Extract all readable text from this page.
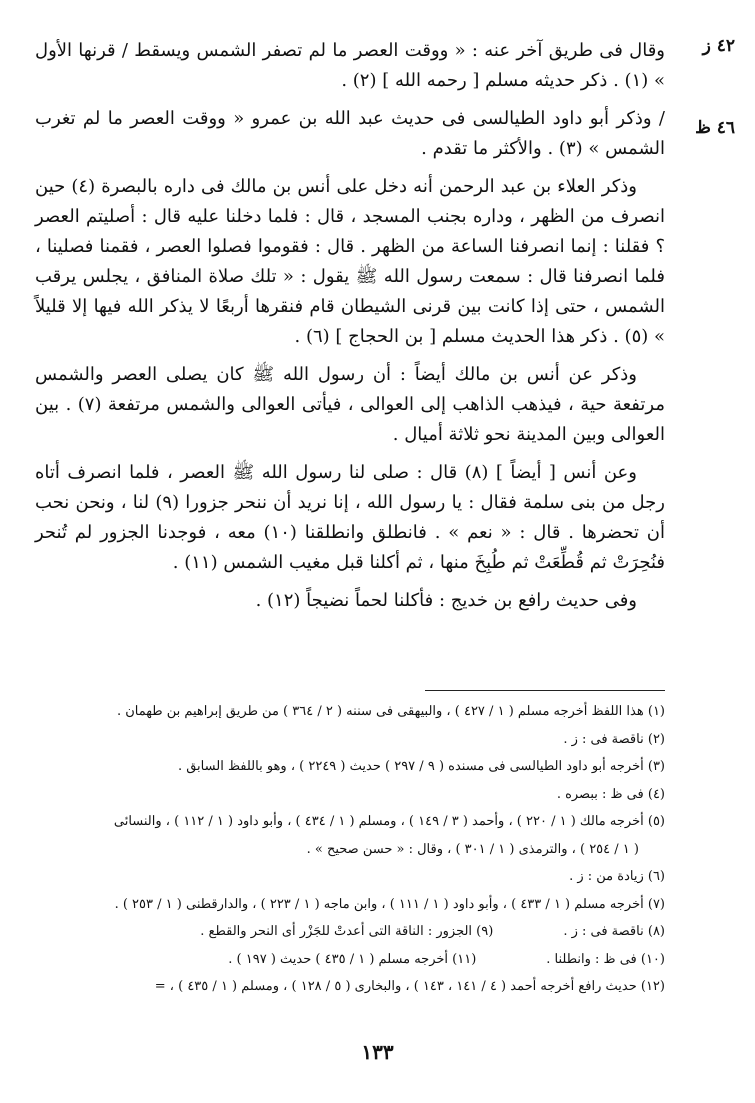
٤٢ ز
٤٦ ظ

وقال فى طريق آخر عنه : « ووقت العصر ما لم تصفر الشمس ويسقط / قرنها الأول » (١) . ذكر حديثه مسلم [ رحمه الله ] (٢) .

/ وذكر أبو داود الطيالسى فى حديث عبد الله بن عمرو « ووقت العصر ما لم تغرب الشمس » (٣) . والأكثر ما تقدم .

وذكر العلاء بن عبد الرحمن أنه دخل على أنس بن مالك فى داره بالبصرة (٤) حين انصرف من الظهر ، وداره بجنب المسجد ، قال : فلما دخلنا عليه قال : أصليتم العصر ؟ فقلنا : إنما انصرفنا الساعة من الظهر . قال : فقوموا فصلوا العصر ، فقمنا فصلينا ، فلما انصرفنا قال : سمعت رسول الله ﷺ يقول : « تلك صلاة المنافق ، يجلس يرقب الشمس ، حتى إذا كانت بين قرنى الشيطان قام فنقرها أربعًا لا يذكر الله فيها إلا قليلاً » (٥) . ذكر هذا الحديث مسلم [ بن الحجاج ] (٦) .

وذكر عن أنس بن مالك أيضاً : أن رسول الله ﷺ كان يصلى العصر والشمس مرتفعة حية ، فيذهب الذاهب إلى العوالى ، فيأتى العوالى والشمس مرتفعة (٧) . بين العوالى وبين المدينة نحو ثلاثة أميال .

وعن أنس [ أيضاً ] (٨) قال : صلى لنا رسول الله ﷺ العصر ، فلما انصرف أتاه رجل من بنى سلمة فقال : يا رسول الله ، إنا نريد أن ننحر جزورا (٩) لنا ، ونحن نحب أن تحضرها . قال : « نعم » . فانطلق وانطلقنا (١٠) معه ، فوجدنا الجزور لم تُنحر فنُحِرَتْ ثم قُطِّعَتْ ثم طُبِخَ منها ، ثم أكلنا قبل مغيب الشمس (١١) .

وفى حديث رافع بن خديج : فأكلنا لحماً نضيجاً (١٢) .

(١) هذا اللفظ أخرجه مسلم ( ١ / ٤٢٧ ) ، والبيهقى فى سننه ( ٢ / ٣٦٤ ) من طريق إبراهيم بن طهمان .

(٢) ناقصة فى : ز .

(٣) أخرجه أبو داود الطيالسى فى مسنده ( ٩ / ٢٩٧ ) حديث ( ٢٢٤٩ ) ، وهو باللفظ السابق .

(٤) فى ظ : ببصره .

(٥) أخرجه مالك ( ١ / ٢٢٠ ) ، وأحمد ( ٣ / ١٤٩ ) ، ومسلم ( ١ / ٤٣٤ ) ، وأبو داود ( ١ / ١١٢ ) ، والنسائى

( ١ / ٢٥٤ ) ، والترمذى ( ١ / ٣٠١ ) ، وقال : « حسن صحيح » .

(٦) زيادة من : ز .

(٧) أخرجه مسلم ( ١ / ٤٣٣ ) ، وأبو داود ( ١ / ١١١ ) ، وابن ماجه ( ١ / ٢٢٣ ) ، والدارقطنى ( ١ / ٢٥٣ ) .

(٨) ناقصة فى : ز .
(٩) الجزور : الناقة التى أعدتْ للجَزْر أى النحر والقطع .
(١٠) فى ظ : وانطلنا .
(١١) أخرجه مسلم ( ١ / ٤٣٥ ) حديث ( ١٩٧ ) .

(١٢) حديث رافع أخرجه أحمد ( ٤ / ١٤١ ، ١٤٣ ) ، والبخارى ( ٥ / ١٢٨ ) ، ومسلم ( ١ / ٤٣٥ ) ، =

١٣٣
